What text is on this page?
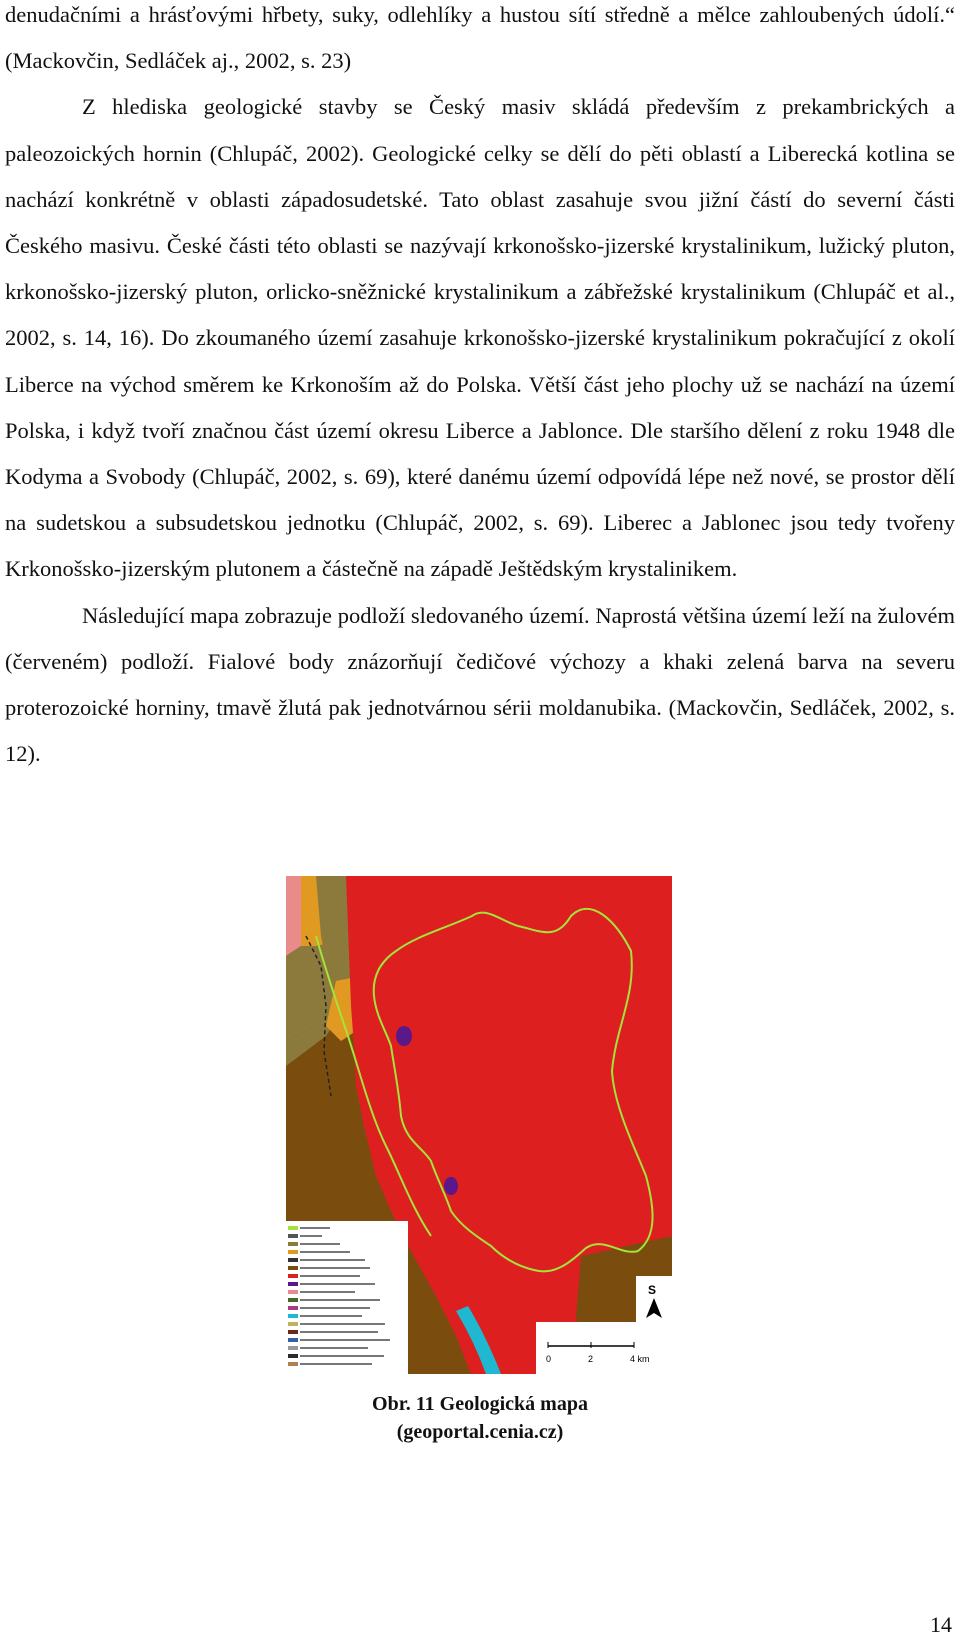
denudačními a hrásťovými hřbety, suky, odlehlíky a hustou sítí středně a mělce zahloubených údolí.“ (Mackovčin, Sedláček aj., 2002, s. 23)

Z hlediska geologické stavby se Český masiv skládá především z prekambrických a paleozoických hornin (Chlupáč, 2002). Geologické celky se dělí do pěti oblastí a Liberecká kotlina se nachází konkrétně v oblasti západosudetské. Tato oblast zasahuje svou jižní částí do severní části Českého masivu. České části této oblasti se nazývají krkonošsko-jizerské krystalinikum, lužický pluton, krkonošsko-jizerský pluton, orlicko-sněžnické krystalinikum a zábřežské krystalinikum (Chlupáč et al., 2002, s. 14, 16). Do zkoumaného území zasahuje krkonošsko-jizerské krystalinikum pokračující z okolí Liberce na východ směrem ke Krkonoším až do Polska. Větší část jeho plochy už se nachází na území Polska, i když tvoří značnou část území okresu Liberce a Jablonce. Dle staršího dělení z roku 1948 dle Kodyma a Svobody (Chlupáč, 2002, s. 69), které danému území odpovídá lépe než nové, se prostor dělí na sudetskou a subsudetskou jednotku (Chlupáč, 2002, s. 69). Liberec a Jablonec jsou tedy tvořeny Krkonošsko-jizerským plutonem a částečně na západě Ještědským krystalinikem.

Následující mapa zobrazuje podloží sledovaného území. Naprostá většina území leží na žulovém (červeném) podloží. Fialové body znázorňují čedičové výchozy a khaki zelená barva na severu proterozoické horniny, tmavě žlutá pak jednotvárnou sérii moldanubika. (Mackovčin, Sedláček, 2002, s. 12).

0	2	4 km
S
Obr. 11 Geologická mapa
(geoportal.cenia.cz)
14
